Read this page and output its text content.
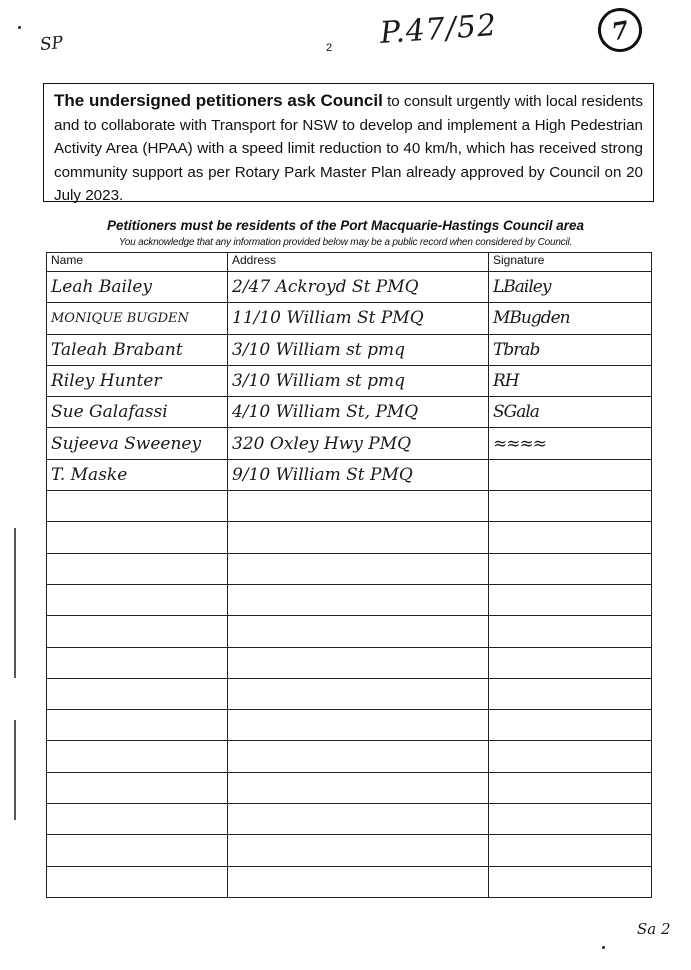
SP	2 P.47/52	7
The undersigned petitioners ask Council to consult urgently with local residents and to collaborate with Transport for NSW to develop and implement a High Pedestrian Activity Area (HPAA) with a speed limit reduction to 40 km/h, which has received strong community support as per Rotary Park Master Plan already approved by Council on 20 July 2023.
Petitioners must be residents of the Port Macquarie-Hastings Council area
You acknowledge that any information provided below may be a public record when considered by Council.
Name	Address	Signature
Leah Bailey	2/47 Ackroyd St PMQ	LBailey
MONIQUE BUGDEN	11/10 William St PMQ	MBugden
Taleah Brabant	3/10 William st pmq	Tbrab
Riley Hunter	3/10 William st pmq	RH
Sue Galafassi	4/10 William St, PMQ	SGala
Sujeeva Sweeney	320 Oxley Hwy PMQ	≈≈≈≈
T. Maske	9/10 William St PMQ	

Sa 2
